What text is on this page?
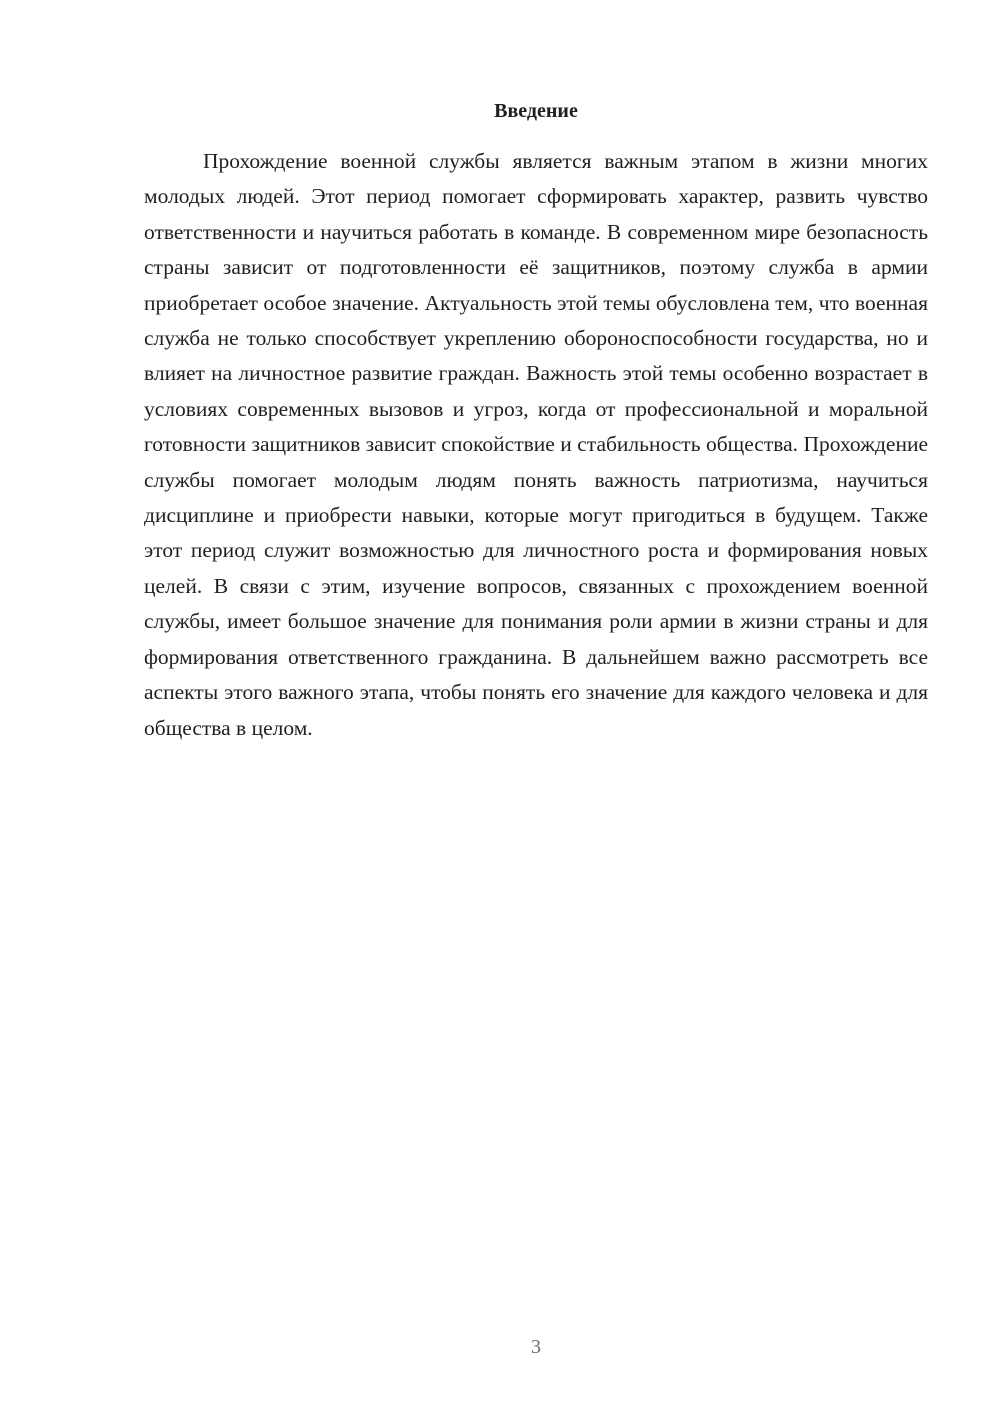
Введение

Прохождение военной службы является важным этапом в жизни многих молодых людей. Этот период помогает сформировать характер, развить чувство ответственности и научиться работать в команде. В современном мире безопасность страны зависит от подготовленности её защитников, поэтому служба в армии приобретает особое значение. Актуальность этой темы обусловлена тем, что военная служба не только способствует укреплению обороноспособности государства, но и влияет на личностное развитие граждан. Важность этой темы особенно возрастает в условиях современных вызовов и угроз, когда от профессиональной и моральной готовности защитников зависит спокойствие и стабильность общества. Прохождение службы помогает молодым людям понять важность патриотизма, научиться дисциплине и приобрести навыки, которые могут пригодиться в будущем. Также этот период служит возможностью для личностного роста и формирования новых целей. В связи с этим, изучение вопросов, связанных с прохождением военной службы, имеет большое значение для понимания роли армии в жизни страны и для формирования ответственного гражданина. В дальнейшем важно рассмотреть все аспекты этого важного этапа, чтобы понять его значение для каждого человека и для общества в целом.

3
